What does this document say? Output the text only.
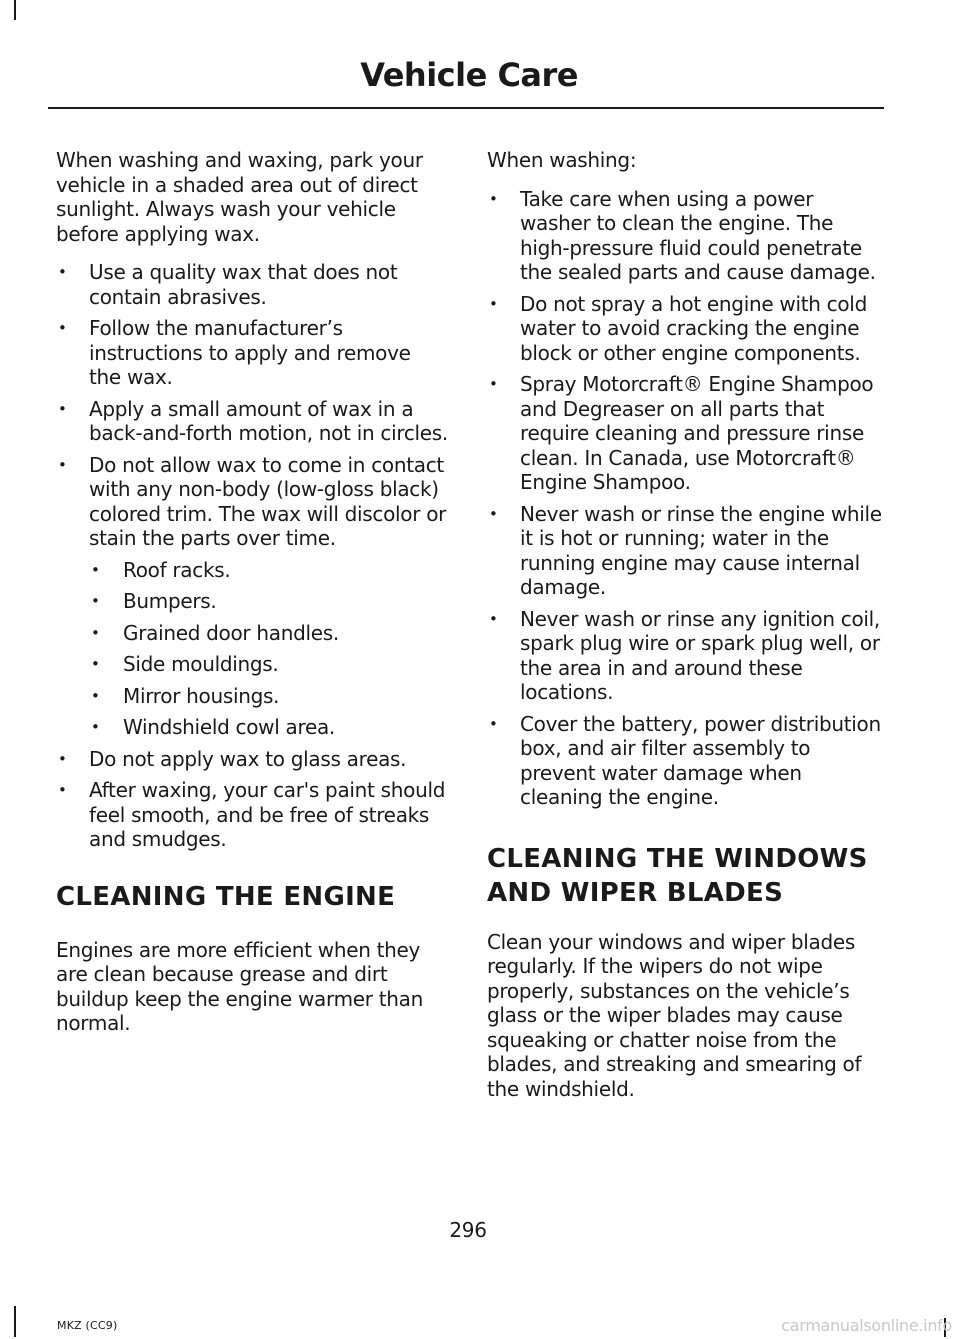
Vehicle Care

When washing and waxing, park your vehicle in a shaded area out of direct sunlight. Always wash your vehicle before applying wax.

• Use a quality wax that does not contain abrasives.
• Follow the manufacturer’s instructions to apply and remove the wax.
• Apply a small amount of wax in a back-and-forth motion, not in circles.
• Do not allow wax to come in contact with any non-body (low-gloss black) colored trim. The wax will discolor or stain the parts over time.
• Roof racks.
• Bumpers.
• Grained door handles.
• Side mouldings.
• Mirror housings.
• Windshield cowl area.
• Do not apply wax to glass areas.
• After waxing, your car's paint should feel smooth, and be free of streaks and smudges.
CLEANING THE ENGINE

Engines are more efficient when they are clean because grease and dirt buildup keep the engine warmer than normal.

When washing:

• Take care when using a power washer to clean the engine. The high-pressure fluid could penetrate the sealed parts and cause damage.
• Do not spray a hot engine with cold water to avoid cracking the engine block or other engine components.
• Spray Motorcraft® Engine Shampoo and Degreaser on all parts that require cleaning and pressure rinse clean. In Canada, use Motorcraft® Engine Shampoo.
• Never wash or rinse the engine while it is hot or running; water in the running engine may cause internal damage.
• Never wash or rinse any ignition coil, spark plug wire or spark plug well, or the area in and around these locations.
• Cover the battery, power distribution box, and air filter assembly to prevent water damage when cleaning the engine.
CLEANING THE WINDOWS
AND WIPER BLADES

Clean your windows and wiper blades regularly. If the wipers do not wipe properly, substances on the vehicle’s glass or the wiper blades may cause squeaking or chatter noise from the blades, and streaking and smearing of the windshield.

296

MKZ (CC9)	carmanualsonline.info
